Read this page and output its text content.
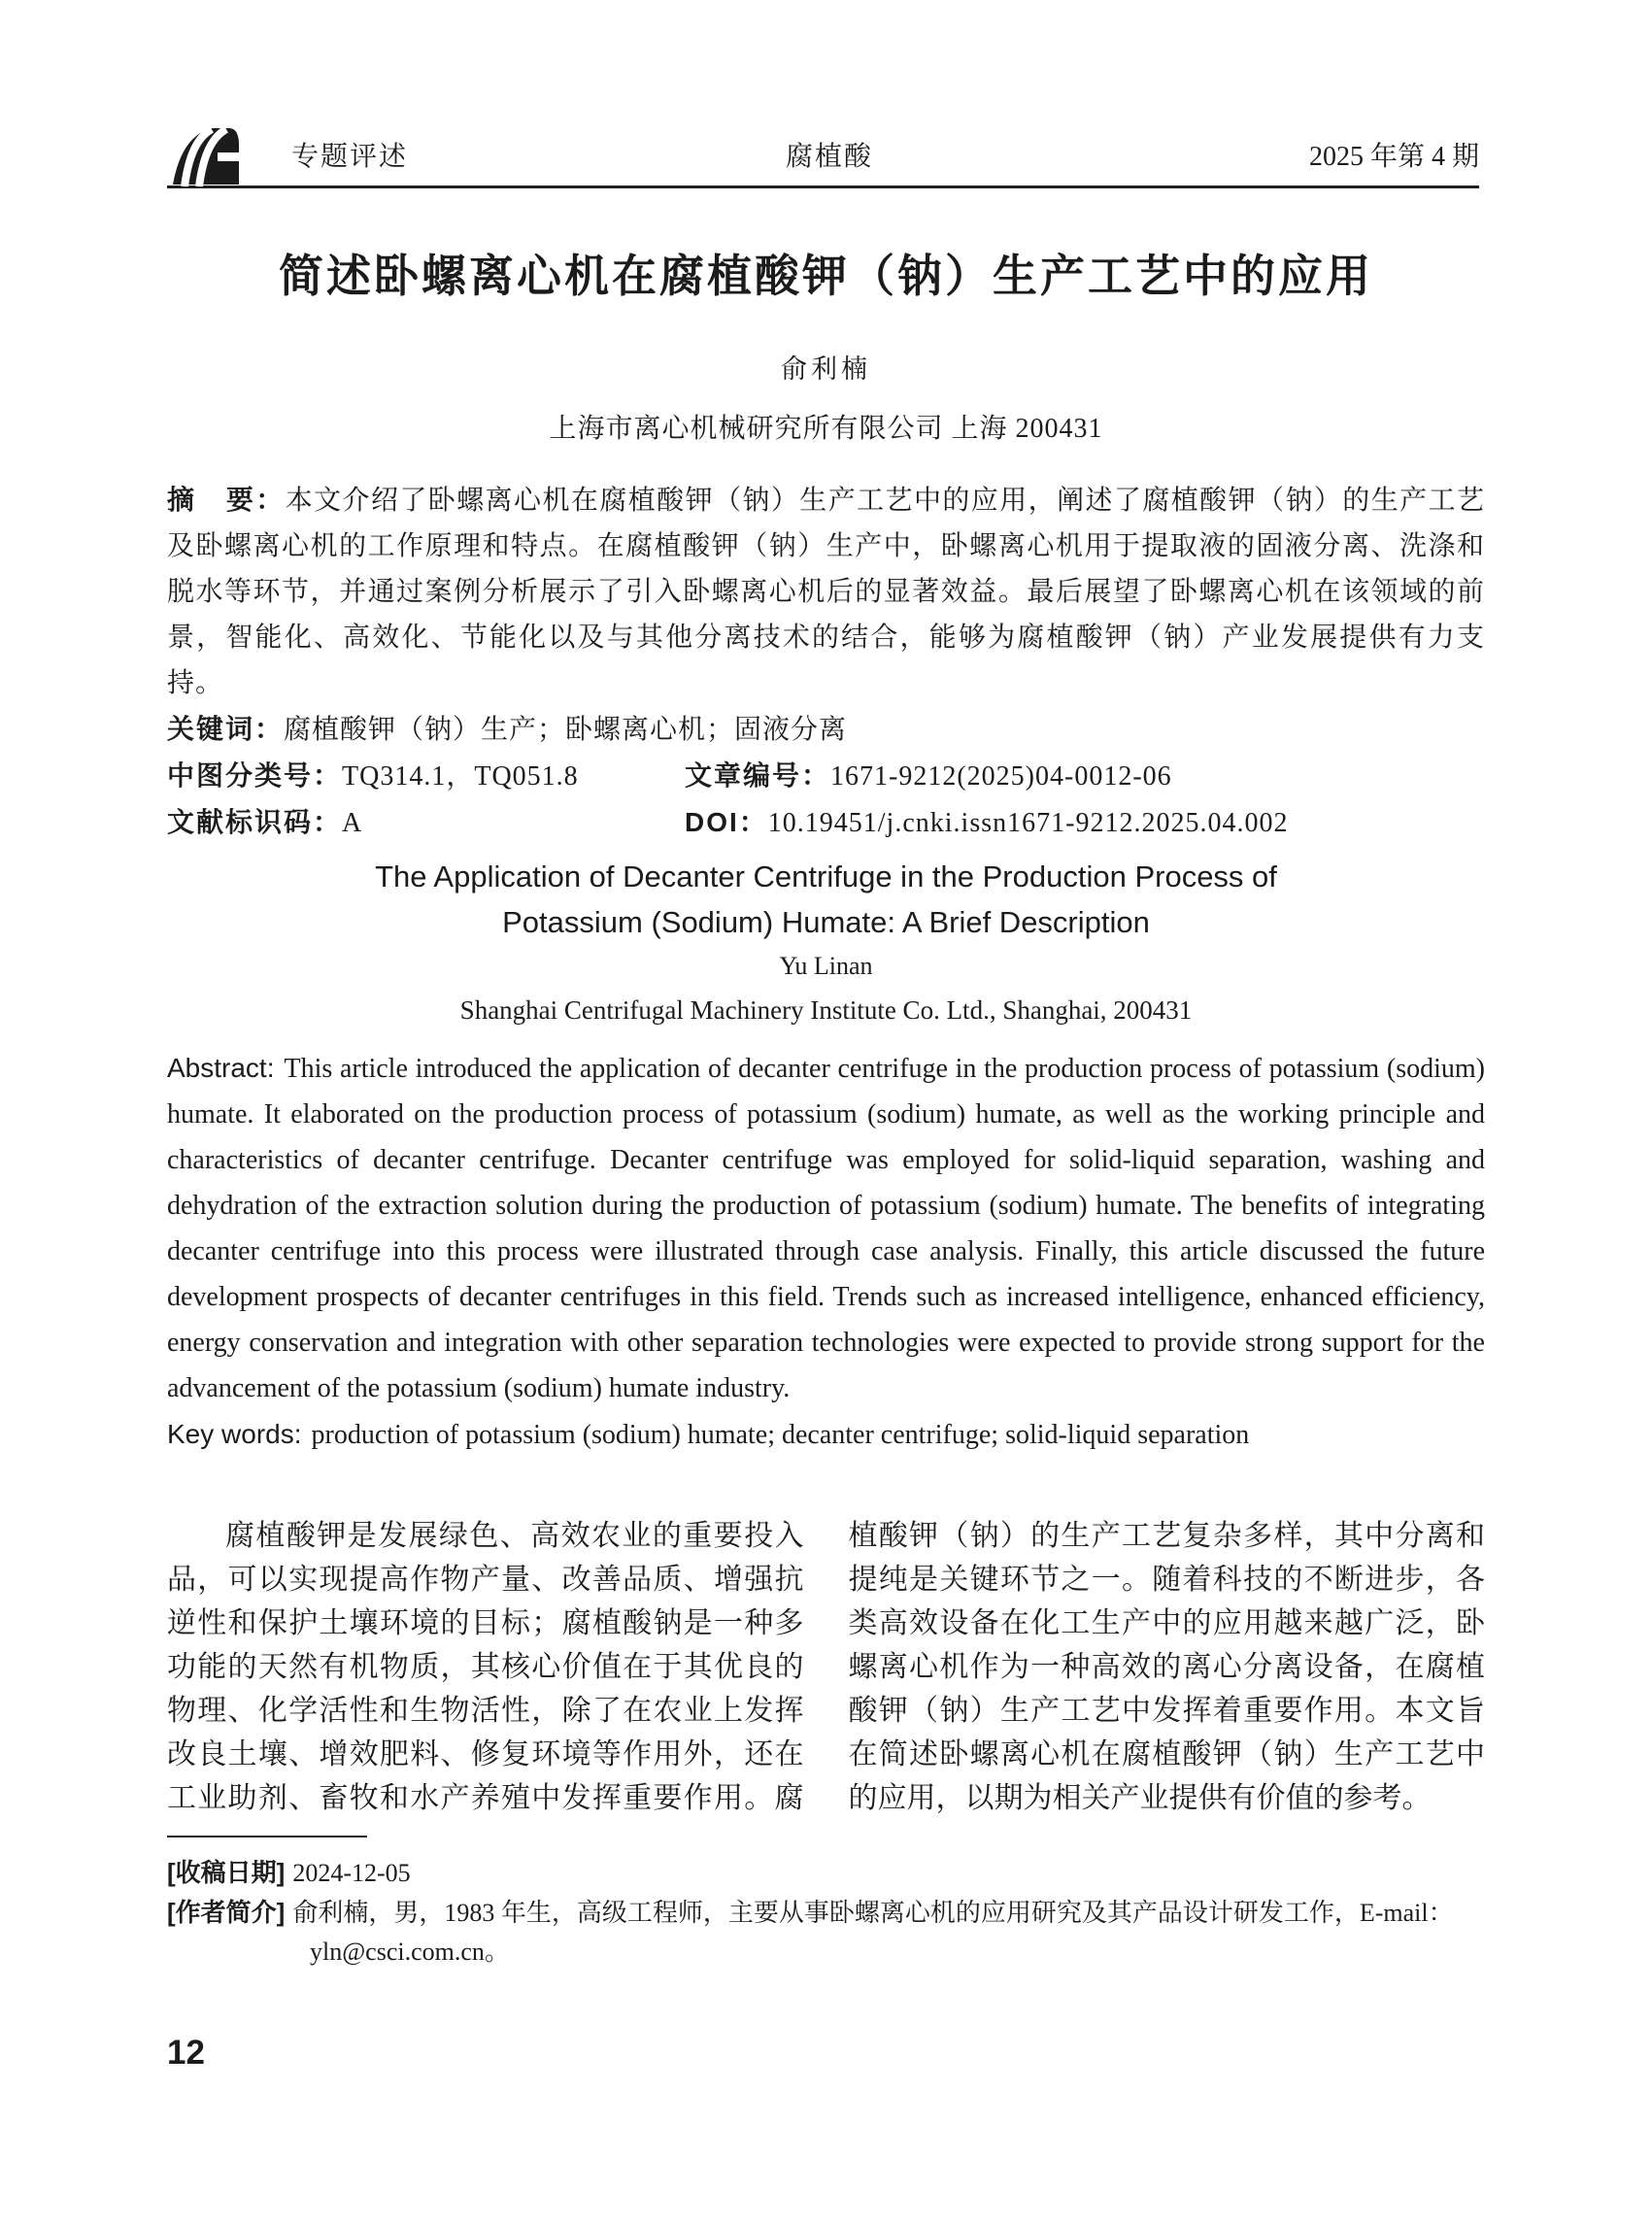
专题评述	腐植酸	2025 年第 4 期
简述卧螺离心机在腐植酸钾（钠）生产工艺中的应用
俞利楠
上海市离心机械研究所有限公司 上海 200431

摘　要：本文介绍了卧螺离心机在腐植酸钾（钠）生产工艺中的应用，阐述了腐植酸钾（钠）的生产工艺及卧螺离心机的工作原理和特点。在腐植酸钾（钠）生产中，卧螺离心机用于提取液的固液分离、洗涤和脱水等环节，并通过案例分析展示了引入卧螺离心机后的显著效益。最后展望了卧螺离心机在该领域的前景，智能化、高效化、节能化以及与其他分离技术的结合，能够为腐植酸钾（钠）产业发展提供有力支持。

关键词：腐植酸钾（钠）生产；卧螺离心机；固液分离

中图分类号：TQ314.1，TQ051.8	文章编号：1671-9212(2025)04-0012-06
文献标识码：A	DOI：10.19451/j.cnki.issn1671-9212.2025.04.002
The Application of Decanter Centrifuge in the Production Process of
Potassium (Sodium) Humate: A Brief Description
Yu Linan
Shanghai Centrifugal Machinery Institute Co. Ltd., Shanghai, 200431

Abstract: This article introduced the application of decanter centrifuge in the production process of potassium (sodium) humate. It elaborated on the production process of potassium (sodium) humate, as well as the working principle and characteristics of decanter centrifuge. Decanter centrifuge was employed for solid-liquid separation, washing and dehydration of the extraction solution during the production of potassium (sodium) humate. The benefits of integrating decanter centrifuge into this process were illustrated through case analysis. Finally, this article discussed the future development prospects of decanter centrifuges in this field. Trends such as increased intelligence, enhanced efficiency, energy conservation and integration with other separation technologies were expected to provide strong support for the advancement of the potassium (sodium) humate industry.

Key words: production of potassium (sodium) humate; decanter centrifuge; solid-liquid separation

腐植酸钾是发展绿色、高效农业的重要投入品，可以实现提高作物产量、改善品质、增强抗逆性和保护土壤环境的目标；腐植酸钠是一种多功能的天然有机物质，其核心价值在于其优良的物理、化学活性和生物活性，除了在农业上发挥改良土壤、增效肥料、修复环境等作用外，还在工业助剂、畜牧和水产养殖中发挥重要作用。腐植酸钾（钠）的生产工艺复杂多样，其中分离和提纯是关键环节之一。随着科技的不断进步，各类高效设备在化工生产中的应用越来越广泛，卧螺离心机作为一种高效的离心分离设备，在腐植酸钾（钠）生产工艺中发挥着重要作用。本文旨在简述卧螺离心机在腐植酸钾（钠）生产工艺中的应用，以期为相关产业提供有价值的参考。

[收稿日期] 2024-12-05
[作者简介] 俞利楠，男，1983 年生，高级工程师，主要从事卧螺离心机的应用研究及其产品设计研发工作，E-mail：
yln@csci.com.cn。
12
